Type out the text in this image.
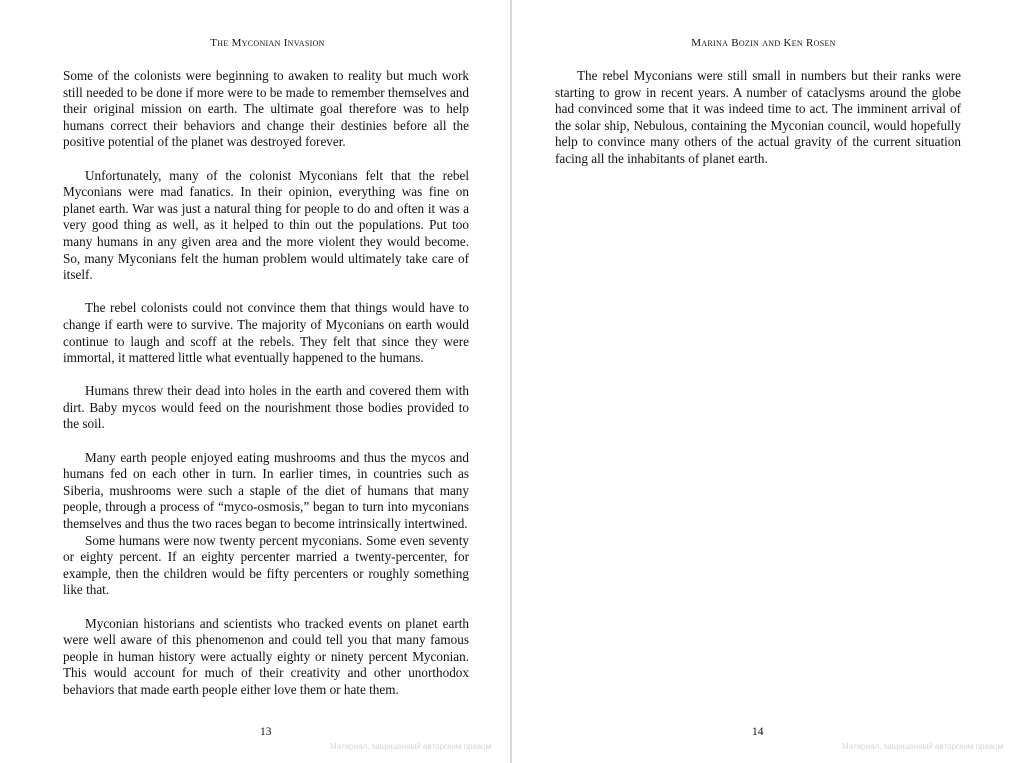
The Myconian Invasion

Some of the colonists were beginning to awaken to reality but much work still needed to be done if more were to be made to remember themselves and their original mission on earth. The ultimate goal therefore was to help humans correct their behaviors and change their destinies before all the positive potential of the planet was destroyed forever.

Unfortunately, many of the colonist Myconians felt that the rebel Myconians were mad fanatics. In their opinion, everything was fine on planet earth. War was just a natural thing for people to do and often it was a very good thing as well, as it helped to thin out the populations. Put too many humans in any given area and the more violent they would become. So, many Myconians felt the human problem would ultimately take care of itself.

The rebel colonists could not convince them that things would have to change if earth were to survive. The majority of Myconians on earth would continue to laugh and scoff at the rebels. They felt that since they were immortal, it mattered little what eventually happened to the humans.

Humans threw their dead into holes in the earth and covered them with dirt. Baby mycos would feed on the nourishment those bodies provided to the soil.

Many earth people enjoyed eating mushrooms and thus the mycos and humans fed on each other in turn. In earlier times, in countries such as Siberia, mushrooms were such a staple of the diet of humans that many people, through a process of “myco-osmosis,” began to turn into myconians themselves and thus the two races began to become intrinsically intertwined.

Some humans were now twenty percent myconians. Some even seventy or eighty percent. If an eighty percenter married a twenty-percenter, for example, then the children would be fifty percenters or roughly something like that.

Myconian historians and scientists who tracked events on planet earth were well aware of this phenomenon and could tell you that many famous people in human history were actually eighty or ninety percent Myconian. This would account for much of their creativity and other unorthodox behaviors that made earth people either love them or hate them.

13
Материал, защищенный авторским правом
Marina Bozin and Ken Rosen

The rebel Myconians were still small in numbers but their ranks were starting to grow in recent years. A number of cataclysms around the globe had convinced some that it was indeed time to act. The imminent arrival of the solar ship, Nebulous, containing the Myconian council, would hopefully help to convince many others of the actual gravity of the current situation facing all the inhabitants of planet earth.

14
Материал, защищенный авторским правом
